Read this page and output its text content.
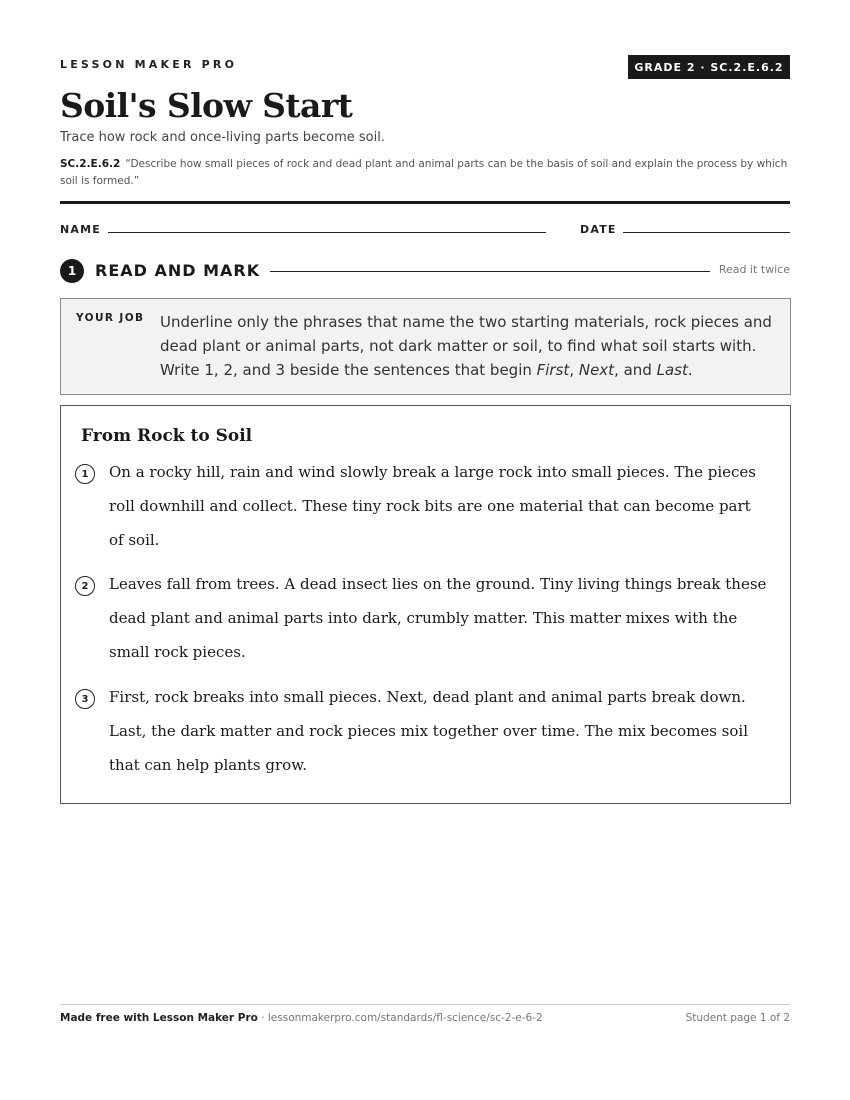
LESSON MAKER PRO	GRADE 2 · SC.2.E.6.2
Soil's Slow Start
Trace how rock and once-living parts become soil.
SC.2.E.6.2 “Describe how small pieces of rock and dead plant and animal parts can be the basis of soil and explain the process by which soil is formed.”
NAME	DATE
1	READ AND MARK	Read it twice
YOUR JOB Underline only the phrases that name the two starting materials, rock pieces and dead plant or animal parts, not dark matter or soil, to find what soil starts with. Write 1, 2, and 3 beside the sentences that begin First, Next, and Last.
From Rock to Soil
1	On a rocky hill, rain and wind slowly break a large rock into small pieces. The pieces roll downhill and collect. These tiny rock bits are one material that can become part of soil.
2	Leaves fall from trees. A dead insect lies on the ground. Tiny living things break these dead plant and animal parts into dark, crumbly matter. This matter mixes with the small rock pieces.
3	First, rock breaks into small pieces. Next, dead plant and animal parts break down. Last, the dark matter and rock pieces mix together over time. The mix becomes soil that can help plants grow.
Made free with Lesson Maker Pro · lessonmakerpro.com/standards/fl-science/sc-2-e-6-2	Student page 1 of 2
